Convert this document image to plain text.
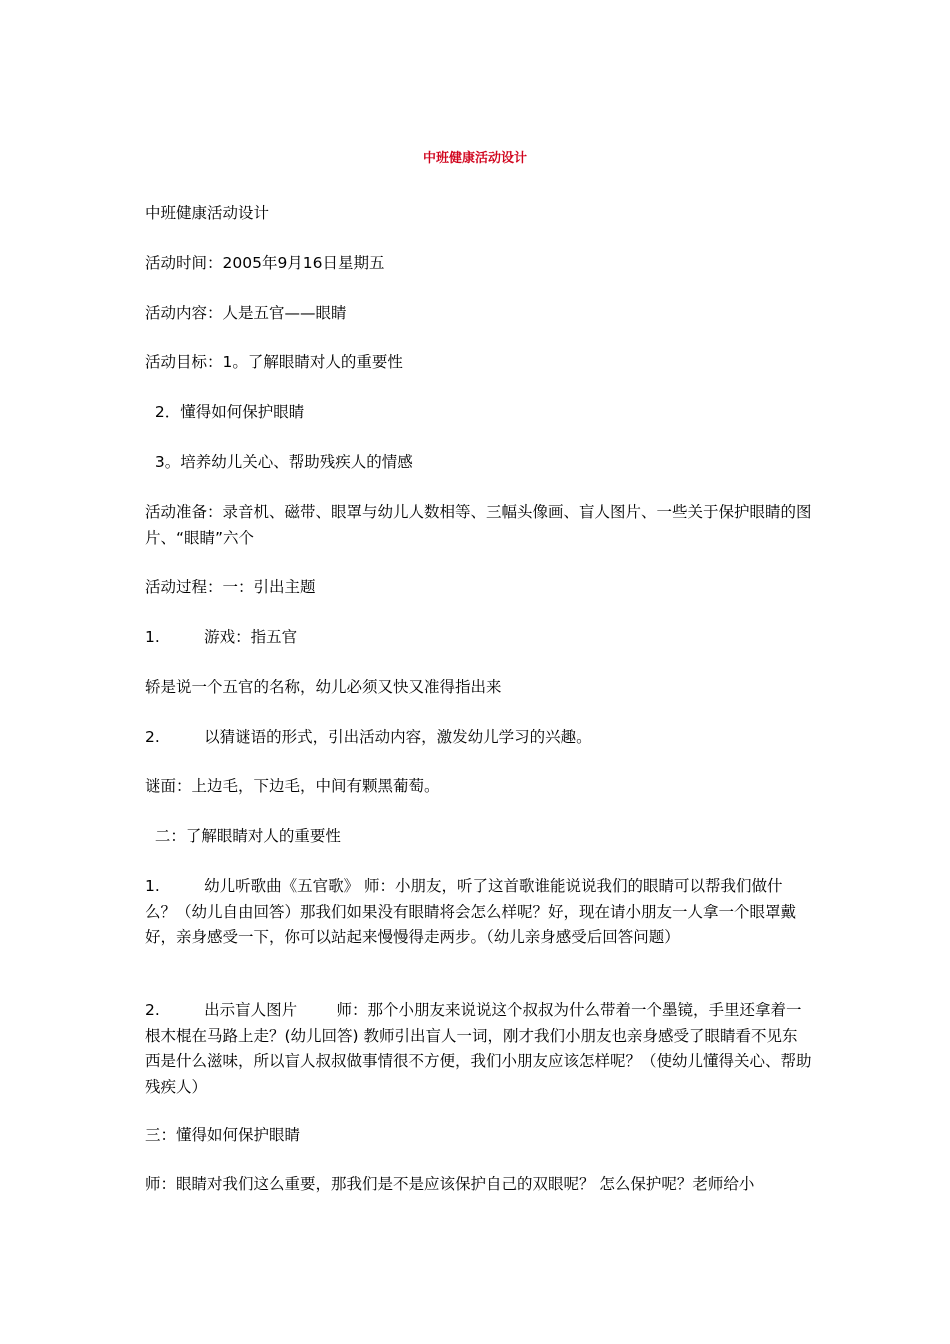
中班健康活动设计
中班健康活动设计
活动时间：2005年9月16日星期五
活动内容：人是五官——眼睛
活动目标：1。了解眼睛对人的重要性
2．懂得如何保护眼睛
3。培养幼儿关心、帮助残疾人的情感
活动准备：录音机、磁带、眼罩与幼儿人数相等、三幅头像画、盲人图片、一些关于保护眼睛的图片、“眼睛”六个
活动过程：一：引出主题
1.         游戏：指五官
轿是说一个五官的名称，幼儿必须又快又准得指出来
2.         以猜谜语的形式，引出活动内容，激发幼儿学习的兴趣。
谜面：上边毛，下边毛，中间有颗黑葡萄。
二：了解眼睛对人的重要性
1.         幼儿听歌曲《五官歌》 师：小朋友，听了这首歌谁能说说我们的眼睛可以帮我们做什么？（幼儿自由回答）那我们如果没有眼睛将会怎么样呢？好，现在请小朋友一人拿一个眼罩戴好，亲身感受一下，你可以站起来慢慢得走两步。（幼儿亲身感受后回答问题）
2.         出示盲人图片        师：那个小朋友来说说这个叔叔为什么带着一个墨镜，手里还拿着一根木棍在马路上走？(幼儿回答) 教师引出盲人一词，刚才我们小朋友也亲身感受了眼睛看不见东西是什么滋味，所以盲人叔叔做事情很不方便，我们小朋友应该怎样呢？（使幼儿懂得关心、帮助残疾人）
三：懂得如何保护眼睛
师：眼睛对我们这么重要，那我们是不是应该保护自己的双眼呢？ 怎么保护呢？老师给小
